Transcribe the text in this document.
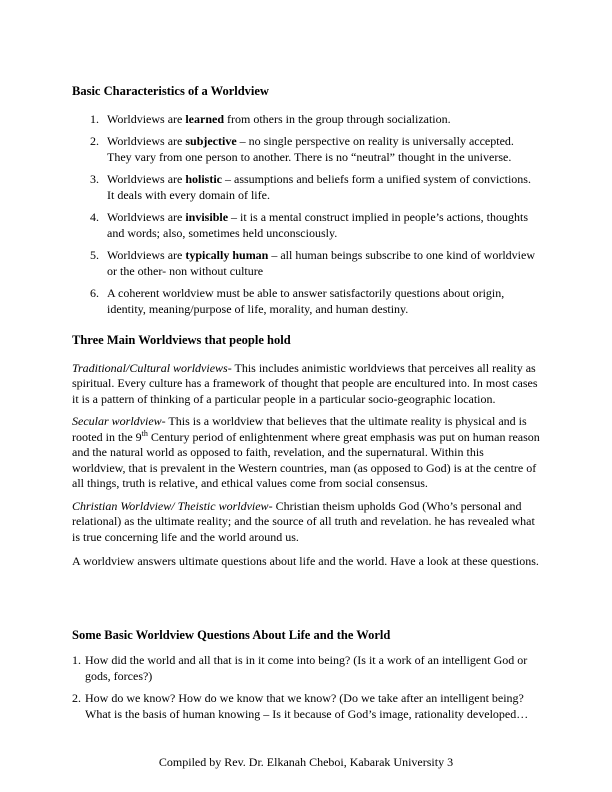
Basic Characteristics of a Worldview
1. Worldviews are learned from others in the group through socialization.
2. Worldviews are subjective – no single perspective on reality is universally accepted. They vary from one person to another. There is no “neutral” thought in the universe.
3. Worldviews are holistic – assumptions and beliefs form a unified system of convictions. It deals with every domain of life.
4. Worldviews are invisible – it is a mental construct implied in people’s actions, thoughts and words; also, sometimes held unconsciously.
5. Worldviews are typically human – all human beings subscribe to one kind of worldview or the other- non without culture
6. A coherent worldview must be able to answer satisfactorily questions about origin, identity, meaning/purpose of life, morality, and human destiny.
Three Main Worldviews that people hold

Traditional/Cultural worldviews- This includes animistic worldviews that perceives all reality as spiritual. Every culture has a framework of thought that people are encultured into. In most cases it is a pattern of thinking of a particular people in a particular socio-geographic location.

Secular worldview- This is a worldview that believes that the ultimate reality is physical and is rooted in the 9th Century period of enlightenment where great emphasis was put on human reason and the natural world as opposed to faith, revelation, and the supernatural. Within this worldview, that is prevalent in the Western countries, man (as opposed to God) is at the centre of all things, truth is relative, and ethical values come from social consensus.

Christian Worldview/ Theistic worldview- Christian theism upholds God (Who’s personal and relational) as the ultimate reality; and the source of all truth and revelation. he has revealed what is true concerning life and the world around us.

A worldview answers ultimate questions about life and the world. Have a look at these questions.

Some Basic Worldview Questions About Life and the World
1. How did the world and all that is in it come into being? (Is it a work of an intelligent God or gods, forces?)
2. How do we know? How do we know that we know? (Do we take after an intelligent being? What is the basis of human knowing – Is it because of God’s image, rationality developed…
Compiled by Rev. Dr. Elkanah Cheboi, Kabarak University 3
